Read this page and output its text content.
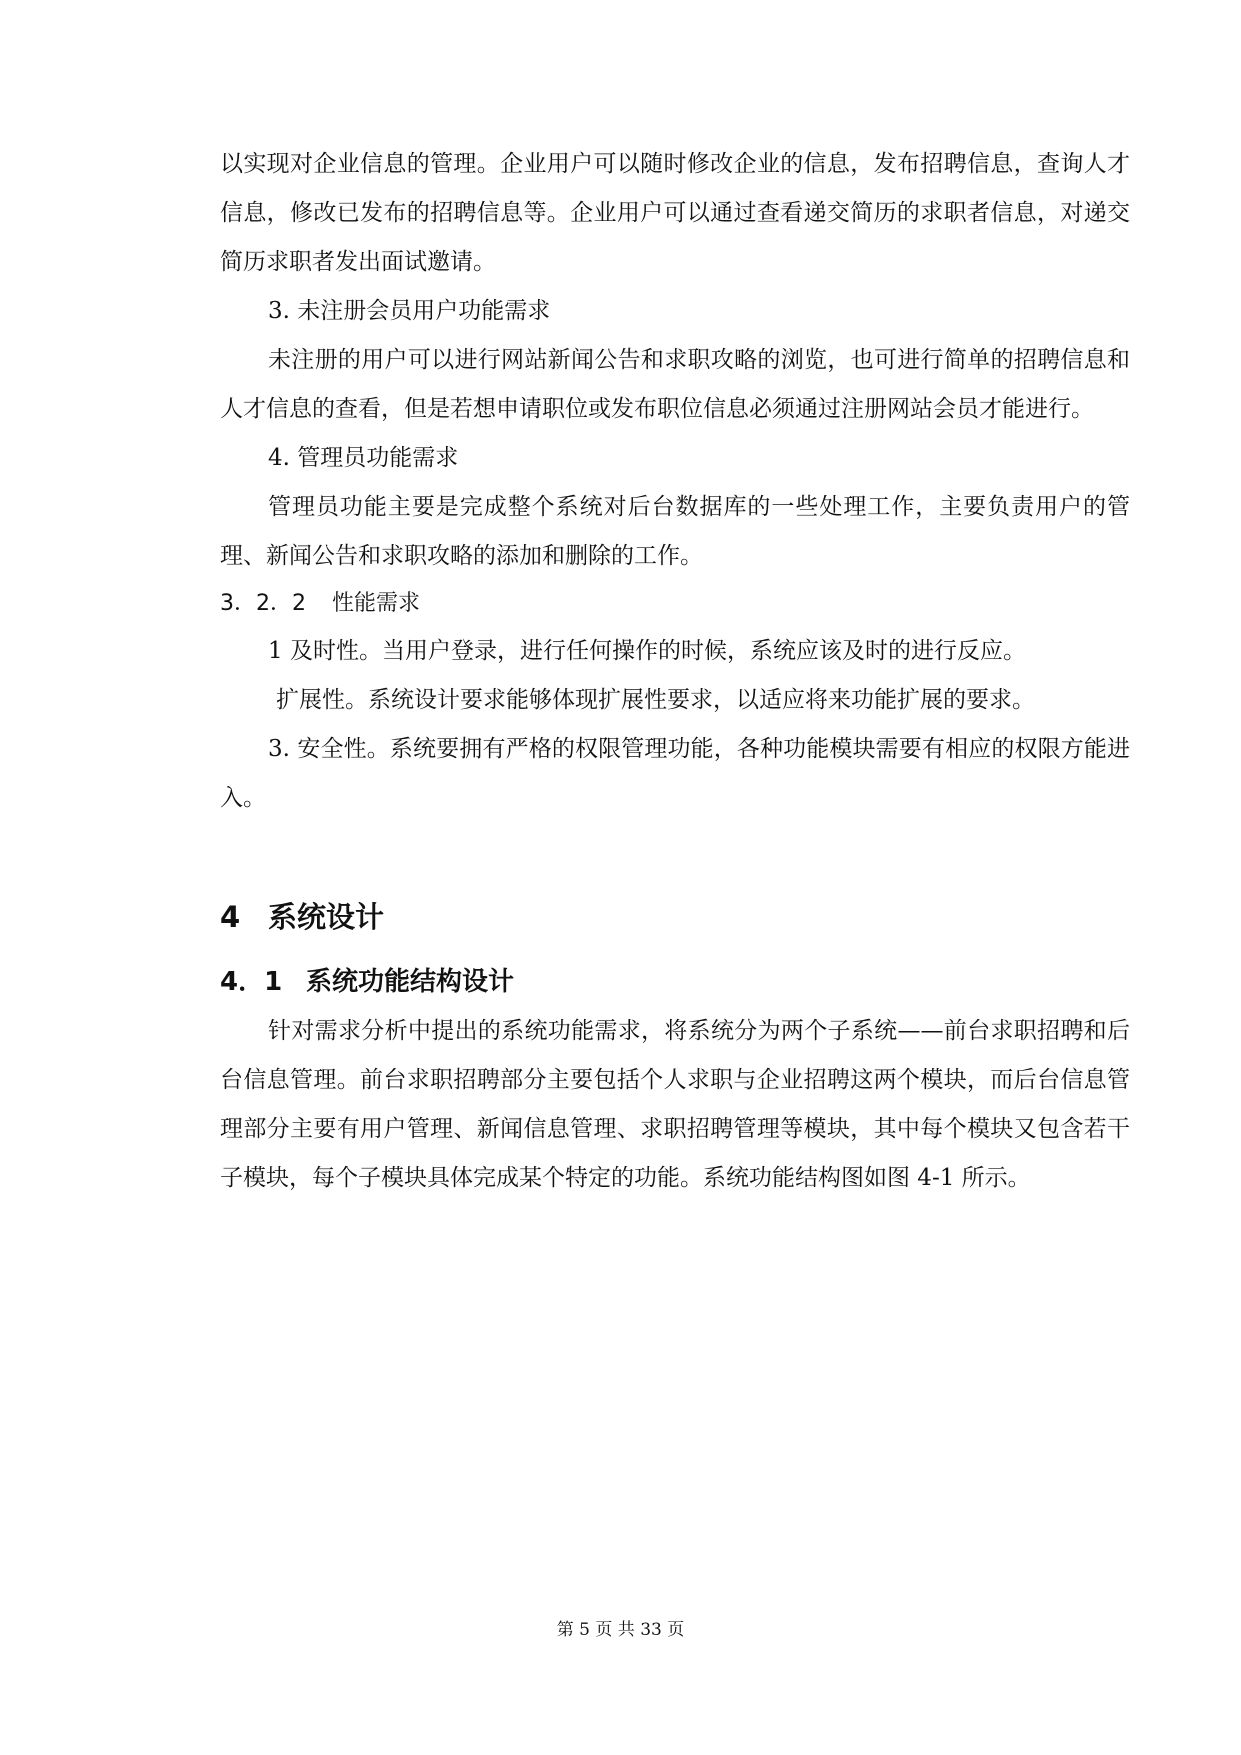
以实现对企业信息的管理。企业用户可以随时修改企业的信息，发布招聘信息，查询人才信息，修改已发布的招聘信息等。企业用户可以通过查看递交简历的求职者信息，对递交简历求职者发出面试邀请。

3. 未注册会员用户功能需求

未注册的用户可以进行网站新闻公告和求职攻略的浏览，也可进行简单的招聘信息和人才信息的查看，但是若想申请职位或发布职位信息必须通过注册网站会员才能进行。

4. 管理员功能需求

管理员功能主要是完成整个系统对后台数据库的一些处理工作，主要负责用户的管理、新闻公告和求职攻略的添加和删除的工作。

3．2．2 性能需求

1 及时性。当用户登录，进行任何操作的时候，系统应该及时的进行反应。

扩展性。系统设计要求能够体现扩展性要求，以适应将来功能扩展的要求。

3. 安全性。系统要拥有严格的权限管理功能，各种功能模块需要有相应的权限方能进入。

4 系统设计
4．1 系统功能结构设计

针对需求分析中提出的系统功能需求，将系统分为两个子系统——前台求职招聘和后台信息管理。前台求职招聘部分主要包括个人求职与企业招聘这两个模块，而后台信息管理部分主要有用户管理、新闻信息管理、求职招聘管理等模块，其中每个模块又包含若干子模块，每个子模块具体完成某个特定的功能。系统功能结构图如图 4-1 所示。

第 5 页 共 33 页
